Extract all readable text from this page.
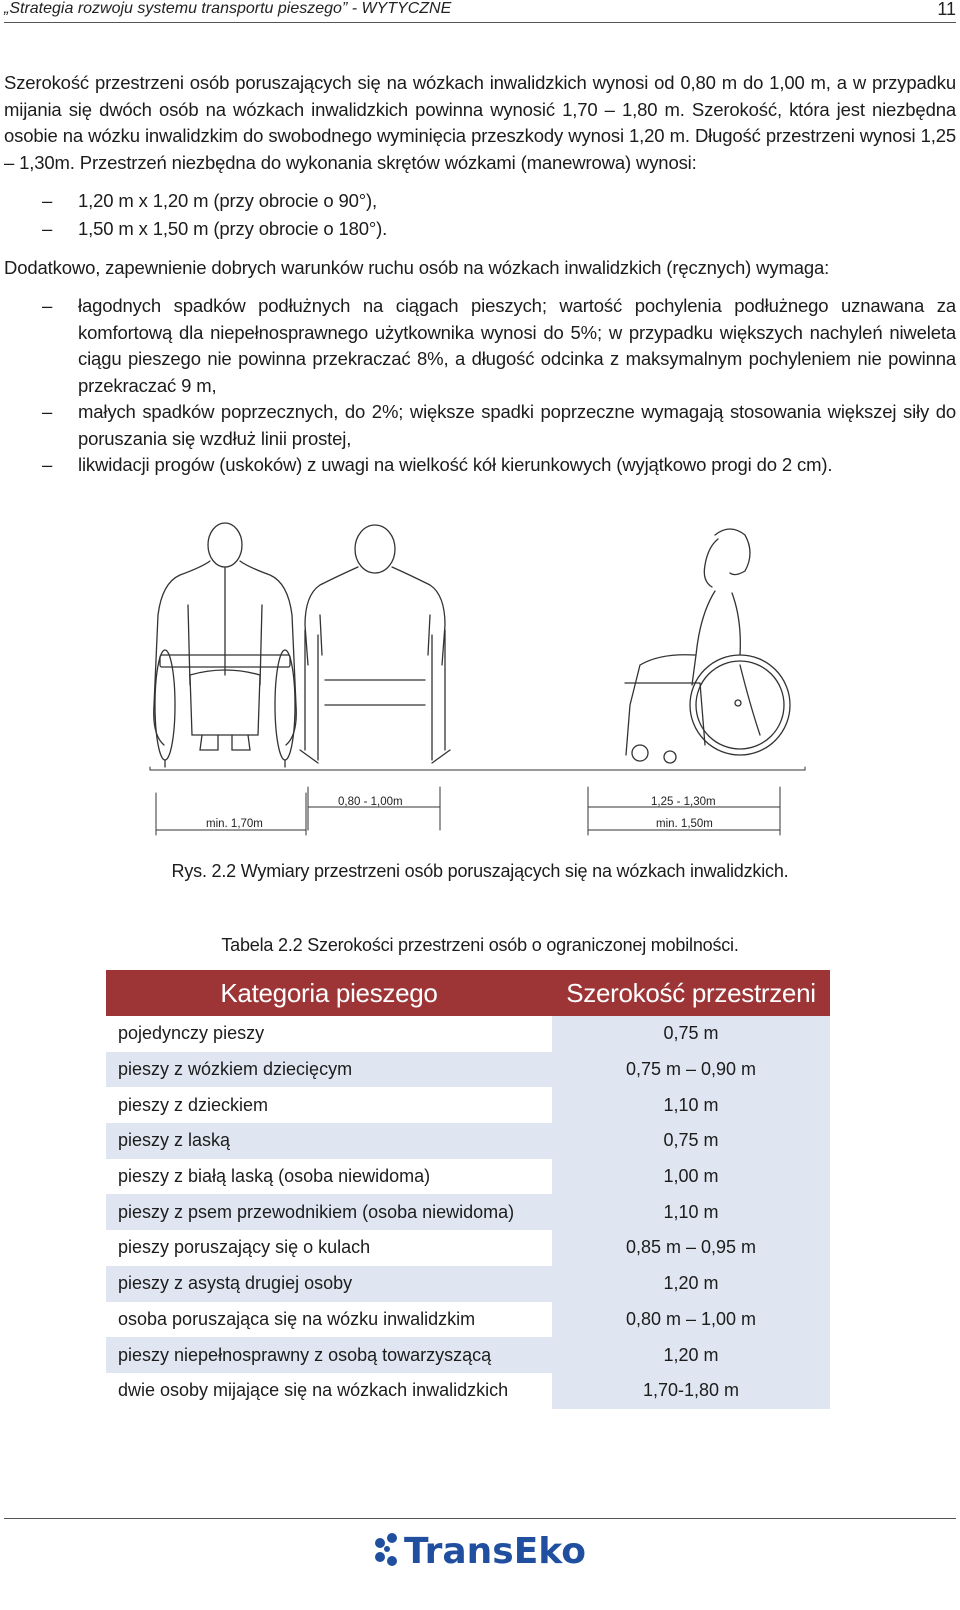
„Strategia rozwoju systemu transportu pieszego” - WYTYCZNE	11
Szerokość przestrzeni osób poruszających się na wózkach inwalidzkich wynosi od 0,80 m do 1,00 m, a w przypadku mijania się dwóch osób na wózkach inwalidzkich powinna wynosić 1,70 – 1,80 m. Szerokość, która jest niezbędna osobie na wózku inwalidzkim do swobodnego wyminięcia przeszkody wynosi 1,20 m. Długość przestrzeni wynosi 1,25 – 1,30m. Przestrzeń niezbędna do wykonania skrętów wózkami (manewrowa) wynosi:
– 1,20 m x 1,20 m (przy obrocie o 90°),
– 1,50 m x 1,50 m (przy obrocie o 180°).
Dodatkowo, zapewnienie dobrych warunków ruchu osób na wózkach inwalidzkich (ręcznych) wymaga:
– łagodnych spadków podłużnych na ciągach pieszych; wartość pochylenia podłużnego uznawana za komfortową dla niepełnosprawnego użytkownika wynosi do 5%; w przypadku większych nachyleń niweleta ciągu pieszego nie powinna przekraczać 8%, a długość odcinka z maksymalnym pochyleniem nie powinna przekraczać 9 m,
– małych spadków poprzecznych, do 2%; większe spadki poprzeczne wymagają stosowania większej siły do poruszania się wzdłuż linii prostej,
– likwidacji progów (uskoków) z uwagi na wielkość kół kierunkowych (wyjątkowo progi do 2 cm).
min. 1,70m
0,80 - 1,00m	1,25 - 1,30m
min. 1,50m
Rys. 2.2 Wymiary przestrzeni osób poruszających się na wózkach inwalidzkich.
Tabela 2.2 Szerokości przestrzeni osób o ograniczonej mobilności.
Kategoria pieszego	Szerokość przestrzeni
pojedynczy pieszy	0,75 m
pieszy z wózkiem dziecięcym	0,75 m – 0,90 m
pieszy z dzieckiem	1,10 m
pieszy z laską	0,75 m
pieszy z białą laską (osoba niewidoma)	1,00 m
pieszy z psem przewodnikiem (osoba niewidoma)	1,10 m
pieszy poruszający się o kulach	0,85 m – 0,95 m
pieszy z asystą drugiej osoby	1,20 m
osoba poruszająca się na wózku inwalidzkim	0,80 m – 1,00 m
pieszy niepełnosprawny z osobą towarzyszącą	1,20 m
dwie osoby mijające się na wózkach inwalidzkich	1,70-1,80 m
TransEko
